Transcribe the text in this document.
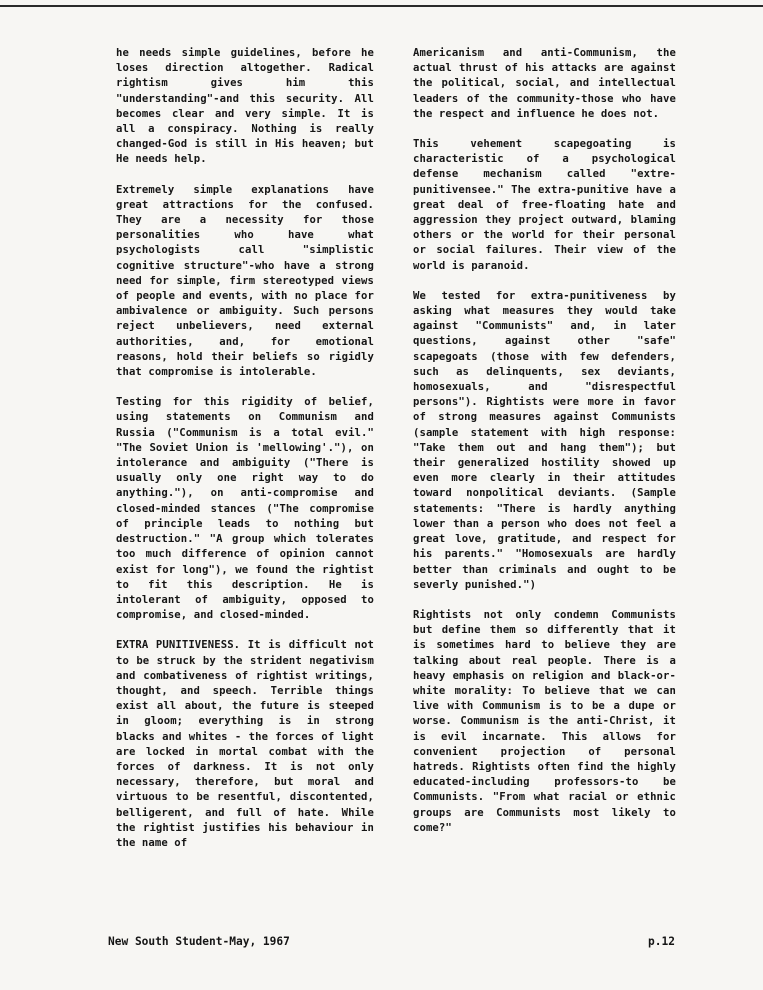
he needs simple guidelines, before he loses direction altogether. Radical rightism gives him this "understanding"-and this security. All becomes clear and very simple. It is all a conspiracy. Nothing is really changed-God is still in His heaven; but He needs help.

Extremely simple explanations have great attractions for the confused. They are a necessity for those personalities who have what psychologists call "simplistic cognitive structure"-who have a strong need for simple, firm stereotyped views of people and events, with no place for ambivalence or ambiguity. Such persons reject unbelievers, need external authorities, and, for emotional reasons, hold their beliefs so rigidly that compromise is intolerable.

Testing for this rigidity of belief, using statements on Communism and Russia ("Communism is a total evil." "The Soviet Union is 'mellowing'."), on intolerance and ambiguity ("There is usually only one right way to do anything."), on anti-compromise and closed-minded stances ("The compromise of principle leads to nothing but destruction." "A group which tolerates too much difference of opinion cannot exist for long"), we found the rightist to fit this description. He is intolerant of ambiguity, opposed to compromise, and closed-minded.

EXTRA PUNITIVENESS. It is difficult not to be struck by the strident negativism and combativeness of rightist writings, thought, and speech. Terrible things exist all about, the future is steeped in gloom; everything is in strong blacks and whites - the forces of light are locked in mortal combat with the forces of darkness. It is not only necessary, therefore, but moral and virtuous to be resentful, discontented, belligerent, and full of hate. While the rightist justifies his behaviour in the name of

Americanism and anti-Communism, the actual thrust of his attacks are against the political, social, and intellectual leaders of the community-those who have the respect and influence he does not.

This vehement scapegoating is characteristic of a psychological defense mechanism called "extre-punitivensee." The extra-punitive have a great deal of free-floating hate and aggression they project outward, blaming others or the world for their personal or social failures. Their view of the world is paranoid.

We tested for extra-punitiveness by asking what measures they would take against "Communists" and, in later questions, against other "safe" scapegoats (those with few defenders, such as delinquents, sex deviants, homosexuals, and "disrespectful persons"). Rightists were more in favor of strong measures against Communists (sample statement with high response: "Take them out and hang them"); but their generalized hostility showed up even more clearly in their attitudes toward nonpolitical deviants. (Sample statements: "There is hardly anything lower than a person who does not feel a great love, gratitude, and respect for his parents." "Homosexuals are hardly better than criminals and ought to be severly punished.")

Rightists not only condemn Communists but define them so differently that it is sometimes hard to believe they are talking about real people. There is a heavy emphasis on religion and black-or-white morality: To believe that we can live with Communism is to be a dupe or worse. Communism is the anti-Christ, it is evil incarnate. This allows for convenient projection of personal hatreds. Rightists often find the highly educated-including professors-to be Communists. "From what racial or ethnic groups are Communists most likely to come?"

New South Student-May, 1967	p.12
